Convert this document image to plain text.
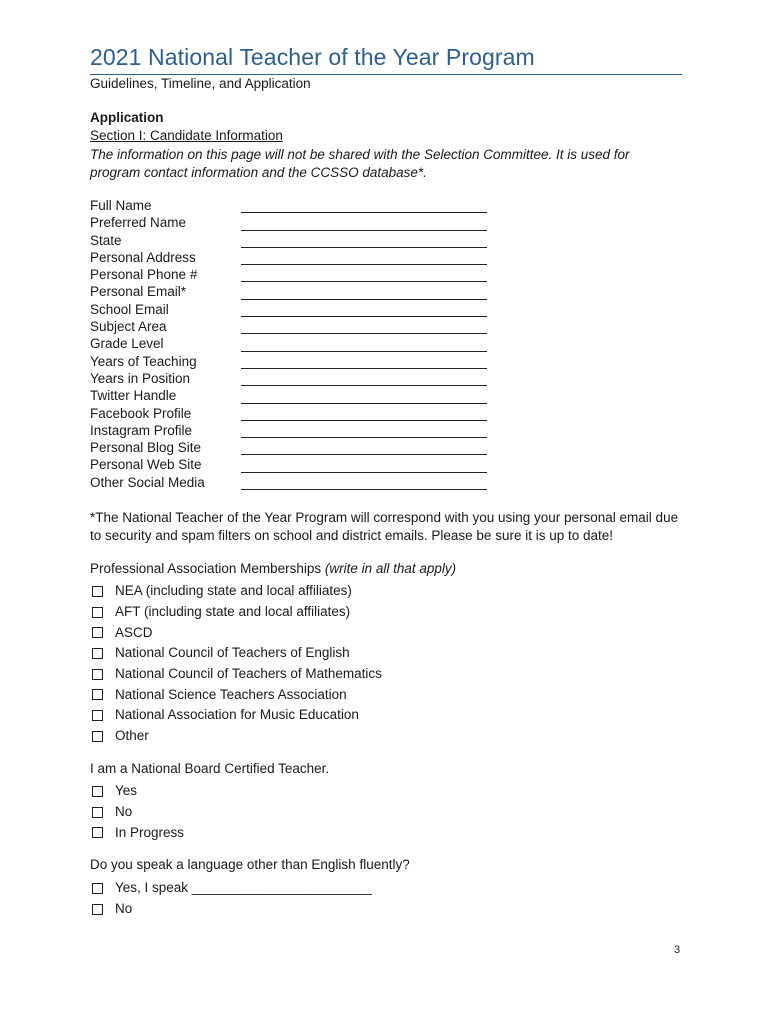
2021 National Teacher of the Year Program
Guidelines, Timeline, and Application
Application
Section I: Candidate Information
The information on this page will not be shared with the Selection Committee. It is used for program contact information and the CCSSO database*.
Full Name
Preferred Name
State
Personal Address
Personal Phone #
Personal Email*
School Email
Subject Area
Grade Level
Years of Teaching
Years in Position
Twitter Handle
Facebook Profile
Instagram Profile
Personal Blog Site
Personal Web Site
Other Social Media
*The National Teacher of the Year Program will correspond with you using your personal email due to security and spam filters on school and district emails. Please be sure it is up to date!
Professional Association Memberships (write in all that apply)
NEA (including state and local affiliates)
AFT (including state and local affiliates)
ASCD
National Council of Teachers of English
National Council of Teachers of Mathematics
National Science Teachers Association
National Association for Music Education
Other
I am a National Board Certified Teacher.
Yes
No
In Progress
Do you speak a language other than English fluently?
Yes, I speak ________________________
No
3
